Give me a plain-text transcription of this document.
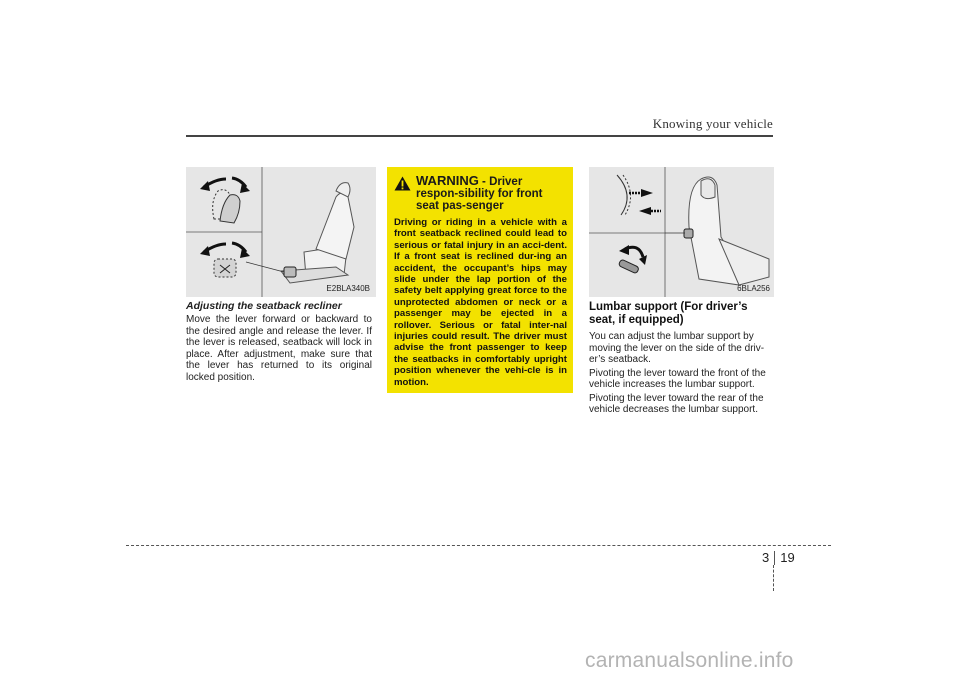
Knowing your vehicle
E2BLA340B

Adjusting the seatback recliner

Move the lever forward or backward to the desired angle and release the lever. If the lever is released, seatback will lock in place. After adjustment, make sure that the lever has returned to its original locked position.

WARNING - Driver respon-sibility for front seat pas-senger

Driving or riding in a vehicle with a front seatback reclined could lead to serious or fatal injury in an acci-dent. If a front seat is reclined dur-ing an accident, the occupant’s hips may slide under the lap portion of the safety belt applying great force to the unprotected abdomen or neck or a passenger may be ejected in a rollover. Serious or fatal inter-nal injuries could result. The driver must advise the front passenger to keep the seatbacks in comfortably upright position whenever the vehi-cle is in motion.

6BLA256

Lumbar support (For driver’s seat, if equipped)

You can adjust the lumbar support by moving the lever on the side of the driv-er’s seatback.

Pivoting the lever toward the front of the vehicle increases the lumbar support.

Pivoting the lever toward the rear of the vehicle decreases the lumbar support.

3 19
carmanualsonline.info
